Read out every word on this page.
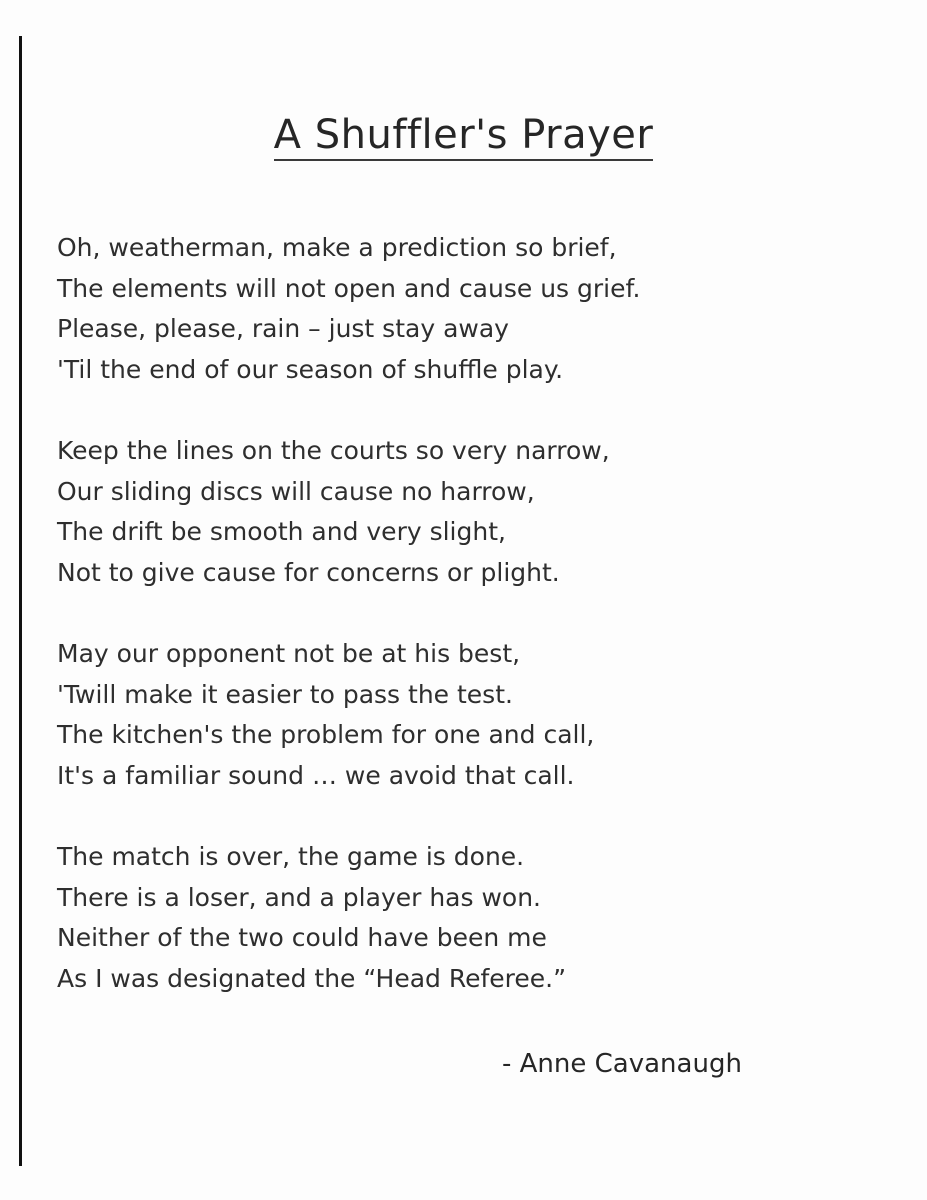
A Shuffler's Prayer
Oh, weatherman, make a prediction so brief,
The elements will not open and cause us grief.
Please, please, rain – just stay away
'Til the end of our season of shuffle play.
Keep the lines on the courts so very narrow,
Our sliding discs will cause no harrow,
The drift be smooth and very slight,
Not to give cause for concerns or plight.
May our opponent not be at his best,
'Twill make it easier to pass the test.
The kitchen's the problem for one and call,
It's a familiar sound … we avoid that call.
The match is over, the game is done.
There is a loser, and a player has won.
Neither of the two could have been me
As I was designated the “Head Referee.”
- Anne Cavanaugh
